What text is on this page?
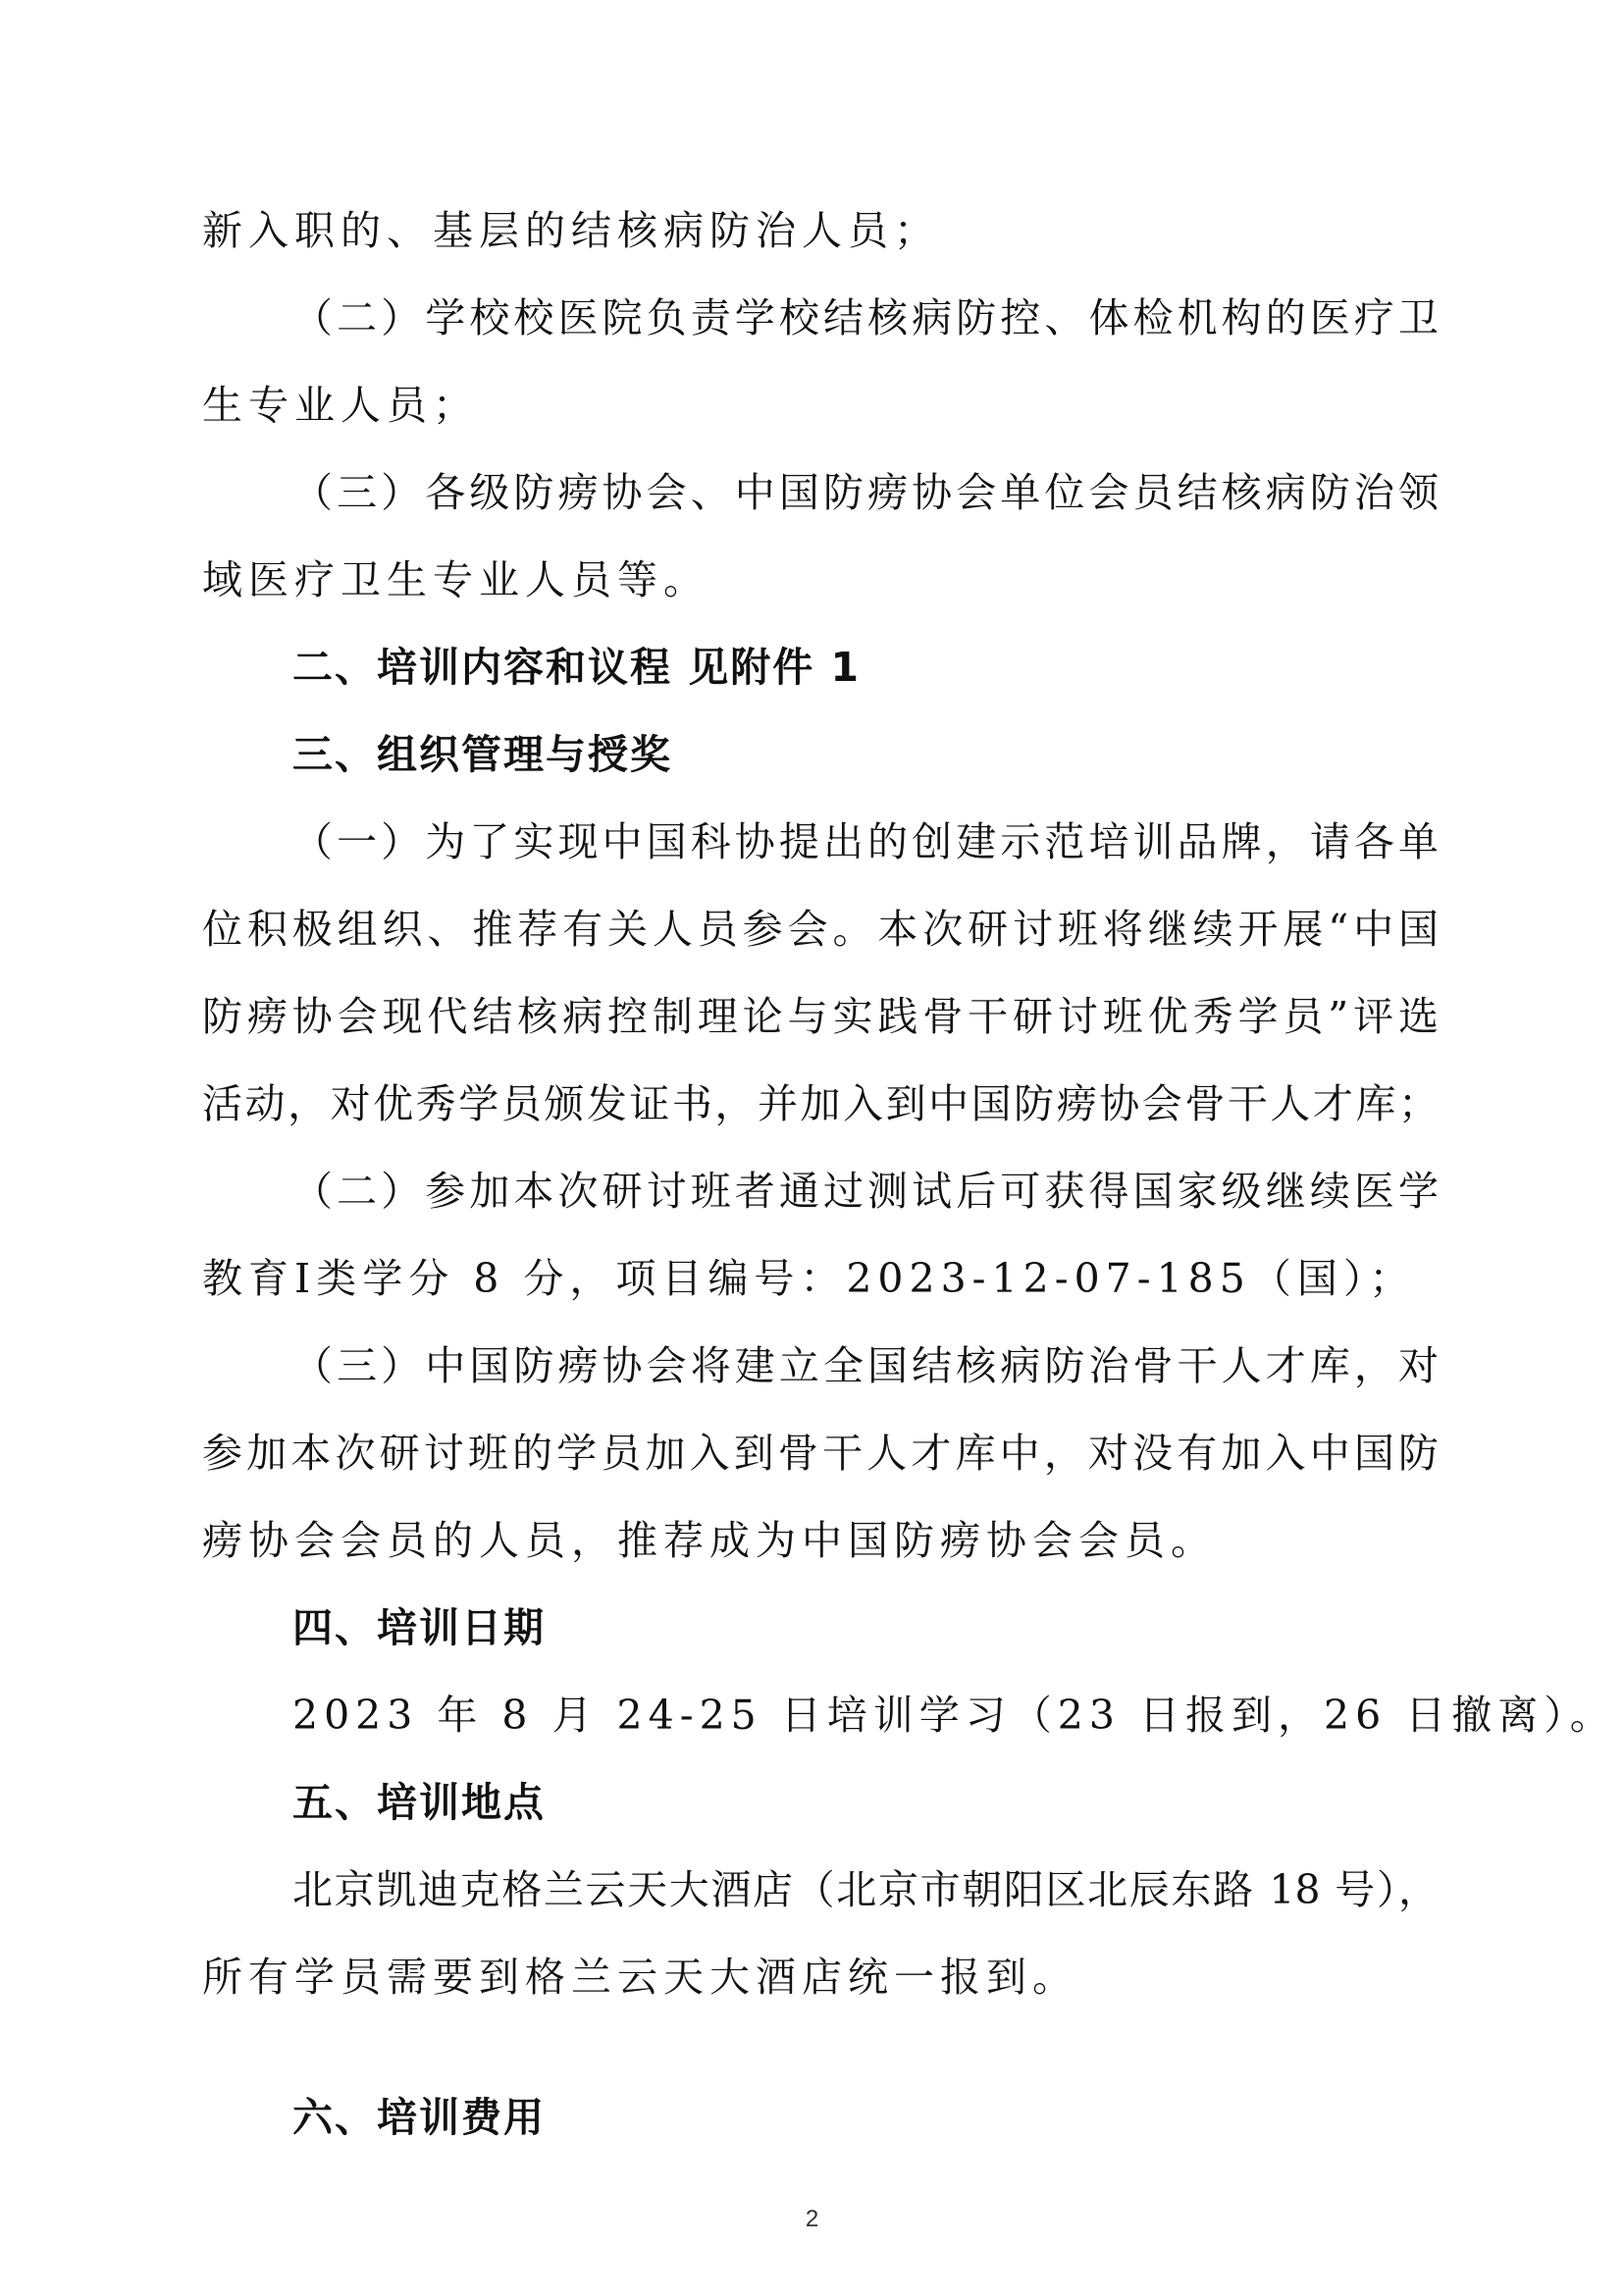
新入职的、基层的结核病防治人员；
（二）学校校医院负责学校结核病防控、体检机构的医疗卫
生专业人员；
（三）各级防痨协会、中国防痨协会单位会员结核病防治领
域医疗卫生专业人员等。
二、培训内容和议程 见附件 1
三、组织管理与授奖
（一）为了实现中国科协提出的创建示范培训品牌，请各单
位积极组织、推荐有关人员参会。本次研讨班将继续开展“中国
防痨协会现代结核病控制理论与实践骨干研讨班优秀学员”评选
活动，对优秀学员颁发证书，并加入到中国防痨协会骨干人才库；
（二）参加本次研讨班者通过测试后可获得国家级继续医学
教育Ⅰ类学分 8 分，项目编号：2023-12-07-185（国）；
（三）中国防痨协会将建立全国结核病防治骨干人才库，对
参加本次研讨班的学员加入到骨干人才库中，对没有加入中国防
痨协会会员的人员，推荐成为中国防痨协会会员。
四、培训日期
2023 年 8 月 24-25 日培训学习（23 日报到，26 日撤离）。
五、培训地点
北京凯迪克格兰云天大酒店（北京市朝阳区北辰东路 18 号），
所有学员需要到格兰云天大酒店统一报到。
六、培训费用
2
